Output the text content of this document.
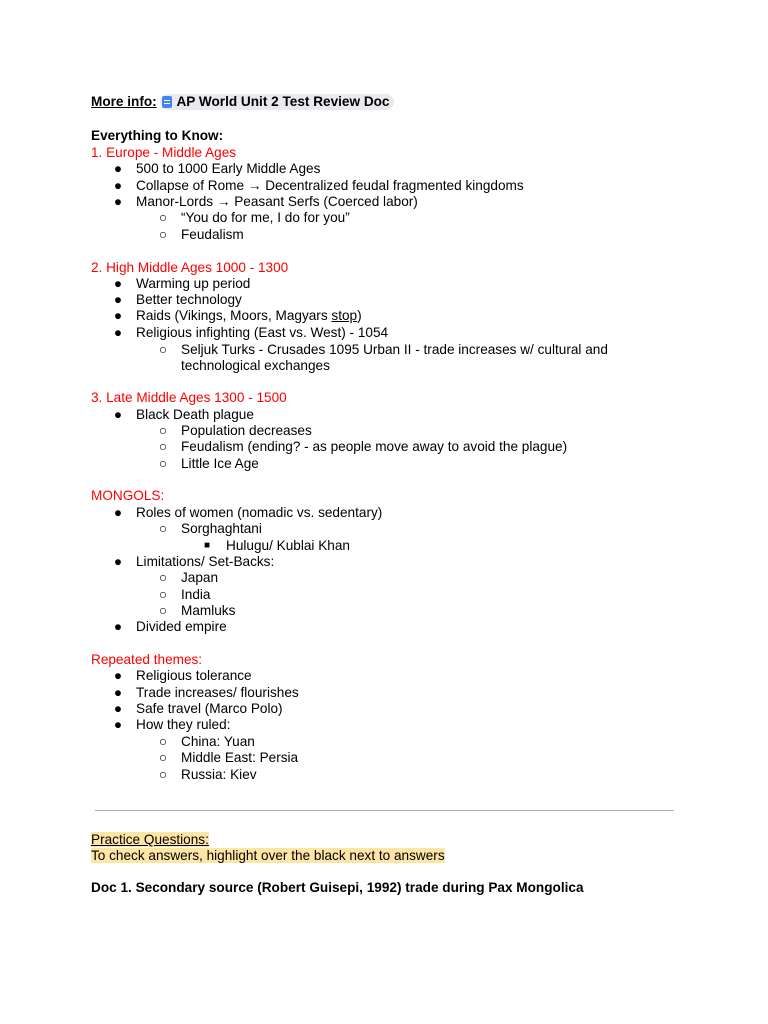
More info: AP World Unit 2 Test Review Doc
Everything to Know:
1. Europe - Middle Ages
● 500 to 1000 Early Middle Ages
● Collapse of Rome → Decentralized feudal fragmented kingdoms
● Manor-Lords → Peasant Serfs (Coerced labor)
○ “You do for me, I do for you”
○ Feudalism
2. High Middle Ages 1000 - 1300
● Warming up period
● Better technology
● Raids (Vikings, Moors, Magyars stop)
● Religious infighting (East vs. West) - 1054
○ Seljuk Turks - Crusades 1095 Urban II - trade increases w/ cultural and
technological exchanges
3. Late Middle Ages 1300 - 1500
● Black Death plague
○ Population decreases
○ Feudalism (ending? - as people move away to avoid the plague)
○ Little Ice Age
MONGOLS:
● Roles of women (nomadic vs. sedentary)
○ Sorghaghtani
■	Hulugu/ Kublai Khan
● Limitations/ Set-Backs:
○ Japan
○ India
○ Mamluks
● Divided empire
Repeated themes:
● Religious tolerance
● Trade increases/ flourishes
● Safe travel (Marco Polo)
● How they ruled:
○ China: Yuan
○ Middle East: Persia
○ Russia: Kiev
Practice Questions:
To check answers, highlight over the black next to answers
Doc 1. Secondary source (Robert Guisepi, 1992) trade during Pax Mongolica
